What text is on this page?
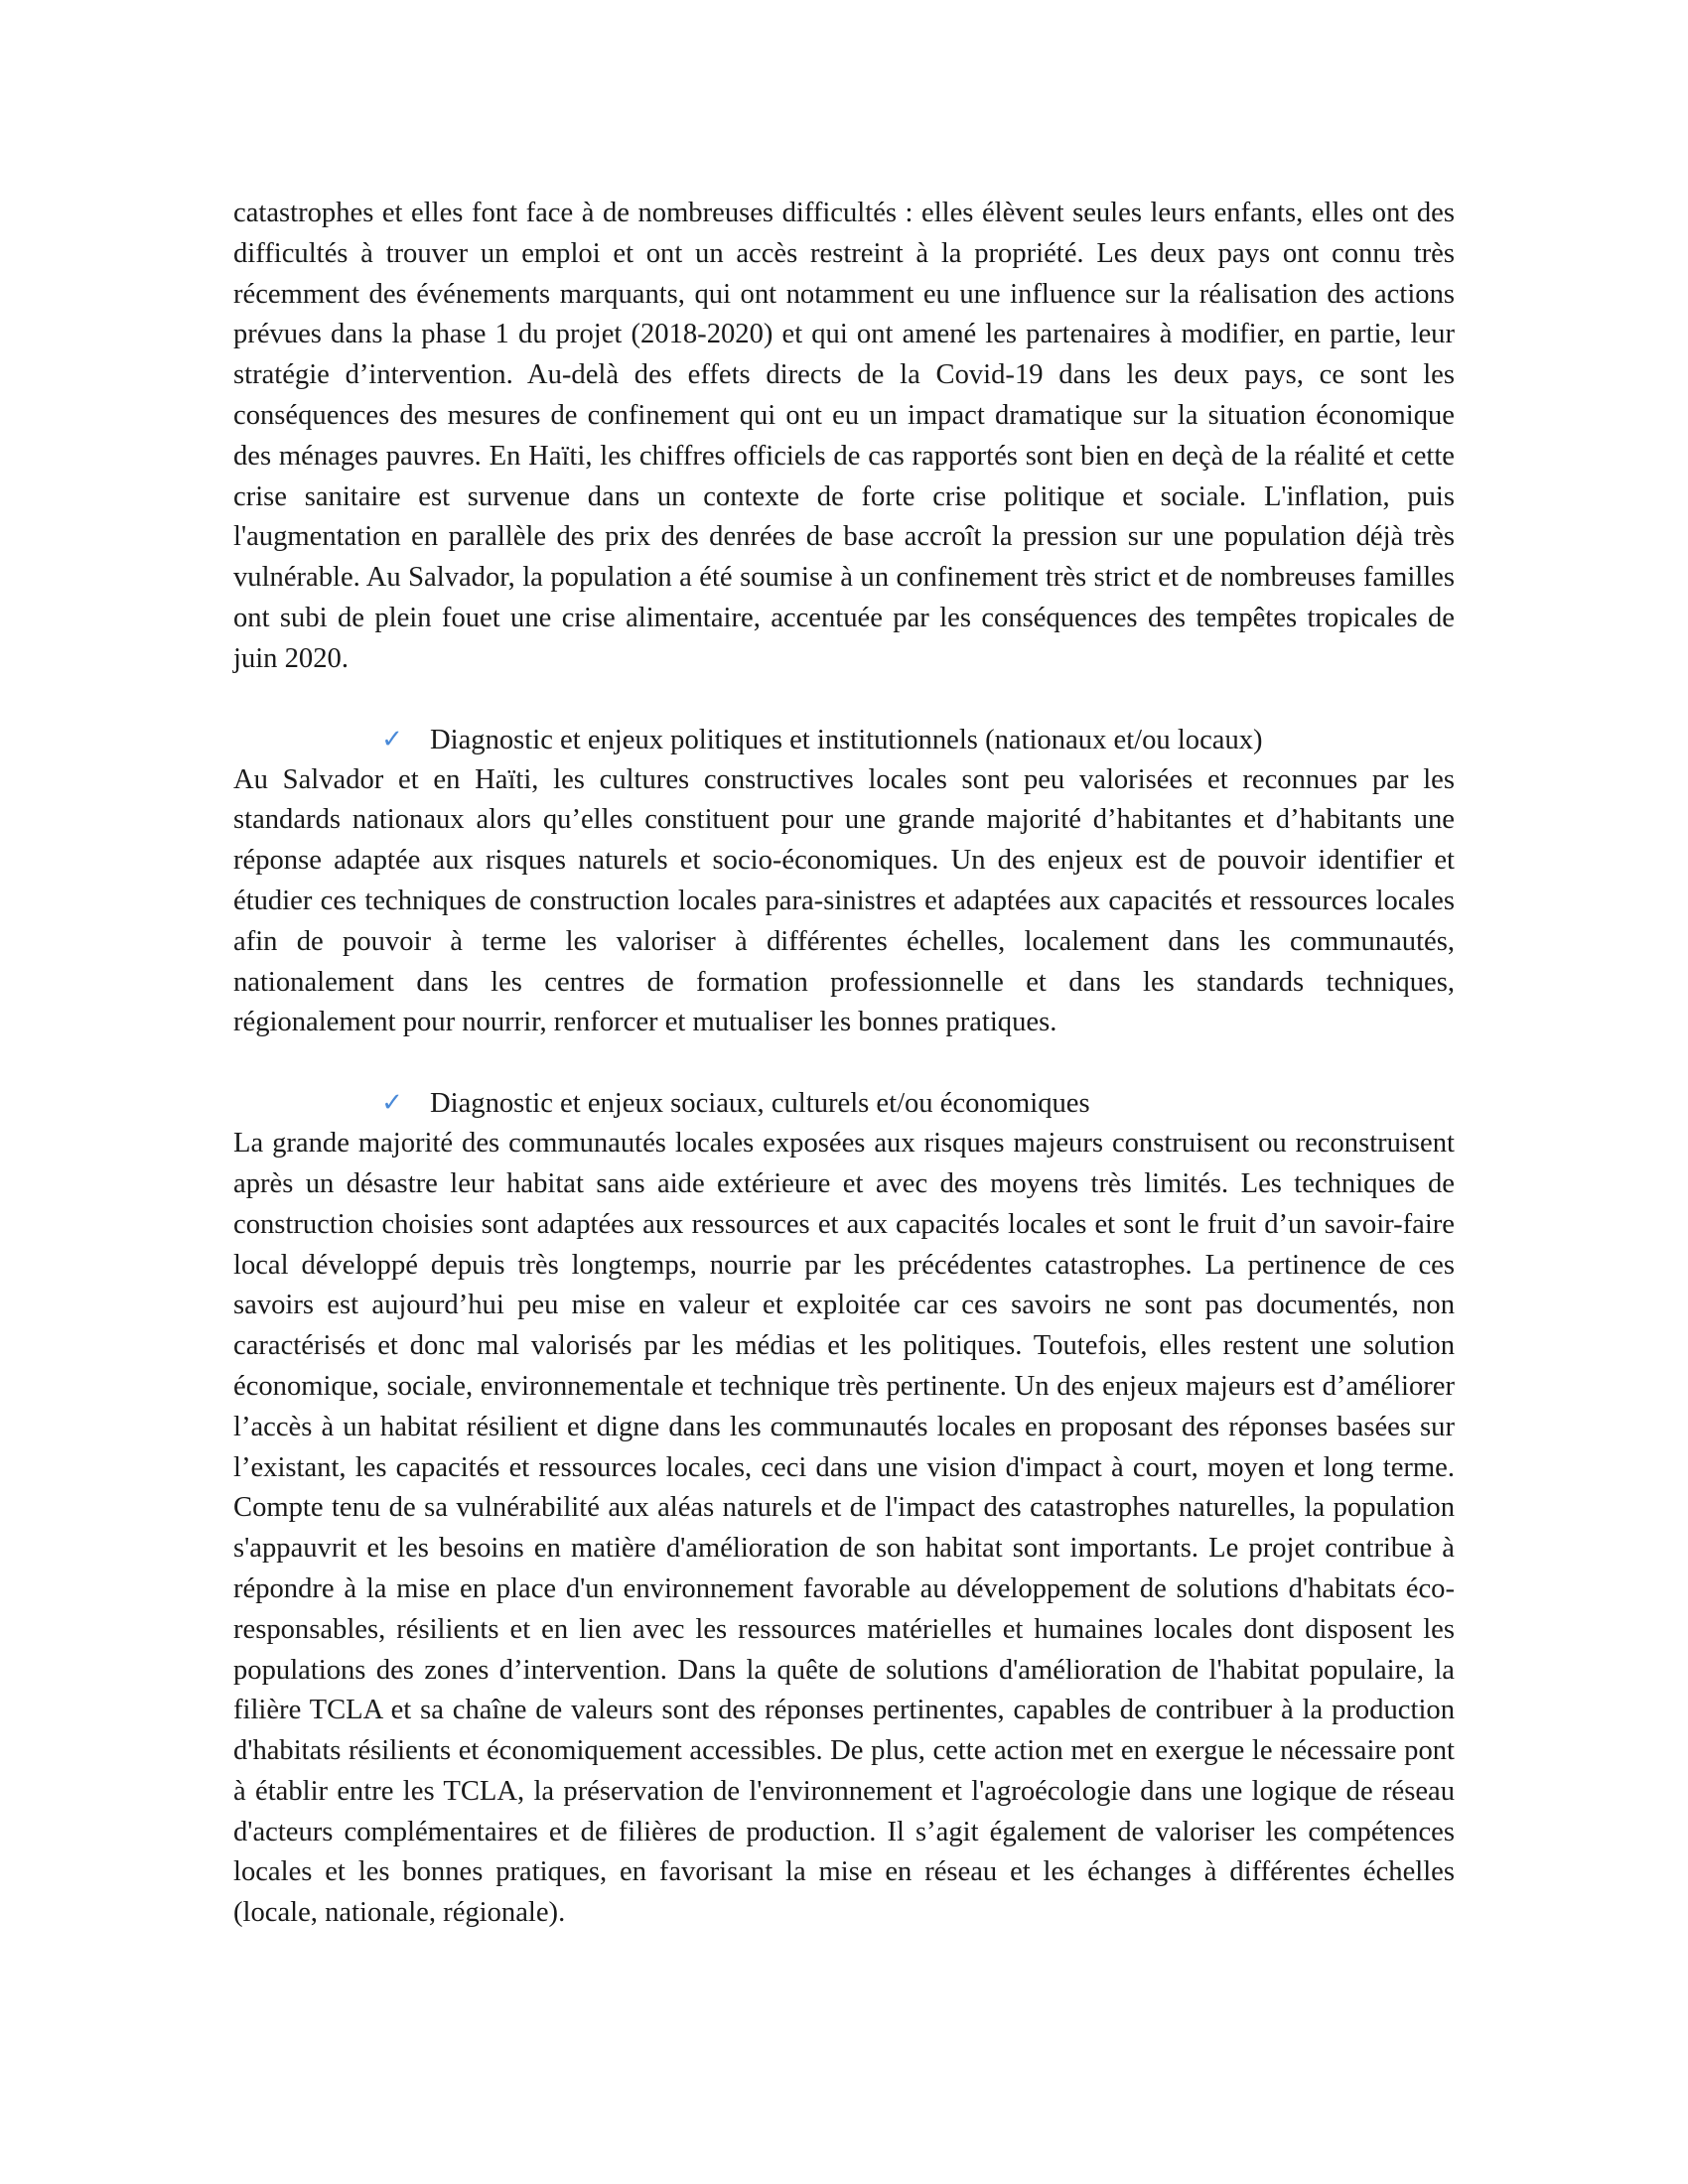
catastrophes et elles font face à de nombreuses difficultés : elles élèvent seules leurs enfants, elles ont des difficultés à trouver un emploi et ont un accès restreint à la propriété. Les deux pays ont connu très récemment des événements marquants, qui ont notamment eu une influence sur la réalisation des actions prévues dans la phase 1 du projet (2018-2020) et qui ont amené les partenaires à modifier, en partie, leur stratégie d’intervention. Au-delà des effets directs de la Covid-19 dans les deux pays, ce sont les conséquences des mesures de confinement qui ont eu un impact dramatique sur la situation économique des ménages pauvres. En Haïti, les chiffres officiels de cas rapportés sont bien en deçà de la réalité et cette crise sanitaire est survenue dans un contexte de forte crise politique et sociale. L'inflation, puis l'augmentation en parallèle des prix des denrées de base accroît la pression sur une population déjà très vulnérable. Au Salvador, la population a été soumise à un confinement très strict et de nombreuses familles ont subi de plein fouet une crise alimentaire, accentuée par les conséquences des tempêtes tropicales de juin 2020.

✓ Diagnostic et enjeux politiques et institutionnels (nationaux et/ou locaux)

Au Salvador et en Haïti, les cultures constructives locales sont peu valorisées et reconnues par les standards nationaux alors qu’elles constituent pour une grande majorité d’habitantes et d’habitants une réponse adaptée aux risques naturels et socio-économiques. Un des enjeux est de pouvoir identifier et étudier ces techniques de construction locales para-sinistres et adaptées aux capacités et ressources locales afin de pouvoir à terme les valoriser à différentes échelles, localement dans les communautés, nationalement dans les centres de formation professionnelle et dans les standards techniques, régionalement pour nourrir, renforcer et mutualiser les bonnes pratiques.

✓ Diagnostic et enjeux sociaux, culturels et/ou économiques

La grande majorité des communautés locales exposées aux risques majeurs construisent ou reconstruisent après un désastre leur habitat sans aide extérieure et avec des moyens très limités. Les techniques de construction choisies sont adaptées aux ressources et aux capacités locales et sont le fruit d’un savoir-faire local développé depuis très longtemps, nourrie par les précédentes catastrophes. La pertinence de ces savoirs est aujourd’hui peu mise en valeur et exploitée car ces savoirs ne sont pas documentés, non caractérisés et donc mal valorisés par les médias et les politiques. Toutefois, elles restent une solution économique, sociale, environnementale et technique très pertinente. Un des enjeux majeurs est d’améliorer l’accès à un habitat résilient et digne dans les communautés locales en proposant des réponses basées sur l’existant, les capacités et ressources locales, ceci dans une vision d'impact à court, moyen et long terme. Compte tenu de sa vulnérabilité aux aléas naturels et de l'impact des catastrophes naturelles, la population s'appauvrit et les besoins en matière d'amélioration de son habitat sont importants. Le projet contribue à répondre à la mise en place d'un environnement favorable au développement de solutions d'habitats éco-responsables, résilients et en lien avec les ressources matérielles et humaines locales dont disposent les populations des zones d’intervention. Dans la quête de solutions d'amélioration de l'habitat populaire, la filière TCLA et sa chaîne de valeurs sont des réponses pertinentes, capables de contribuer à la production d'habitats résilients et économiquement accessibles. De plus, cette action met en exergue le nécessaire pont à établir entre les TCLA, la préservation de l'environnement et l'agroécologie dans une logique de réseau d'acteurs complémentaires et de filières de production. Il s’agit également de valoriser les compétences locales et les bonnes pratiques, en favorisant la mise en réseau et les échanges à différentes échelles (locale, nationale, régionale).
